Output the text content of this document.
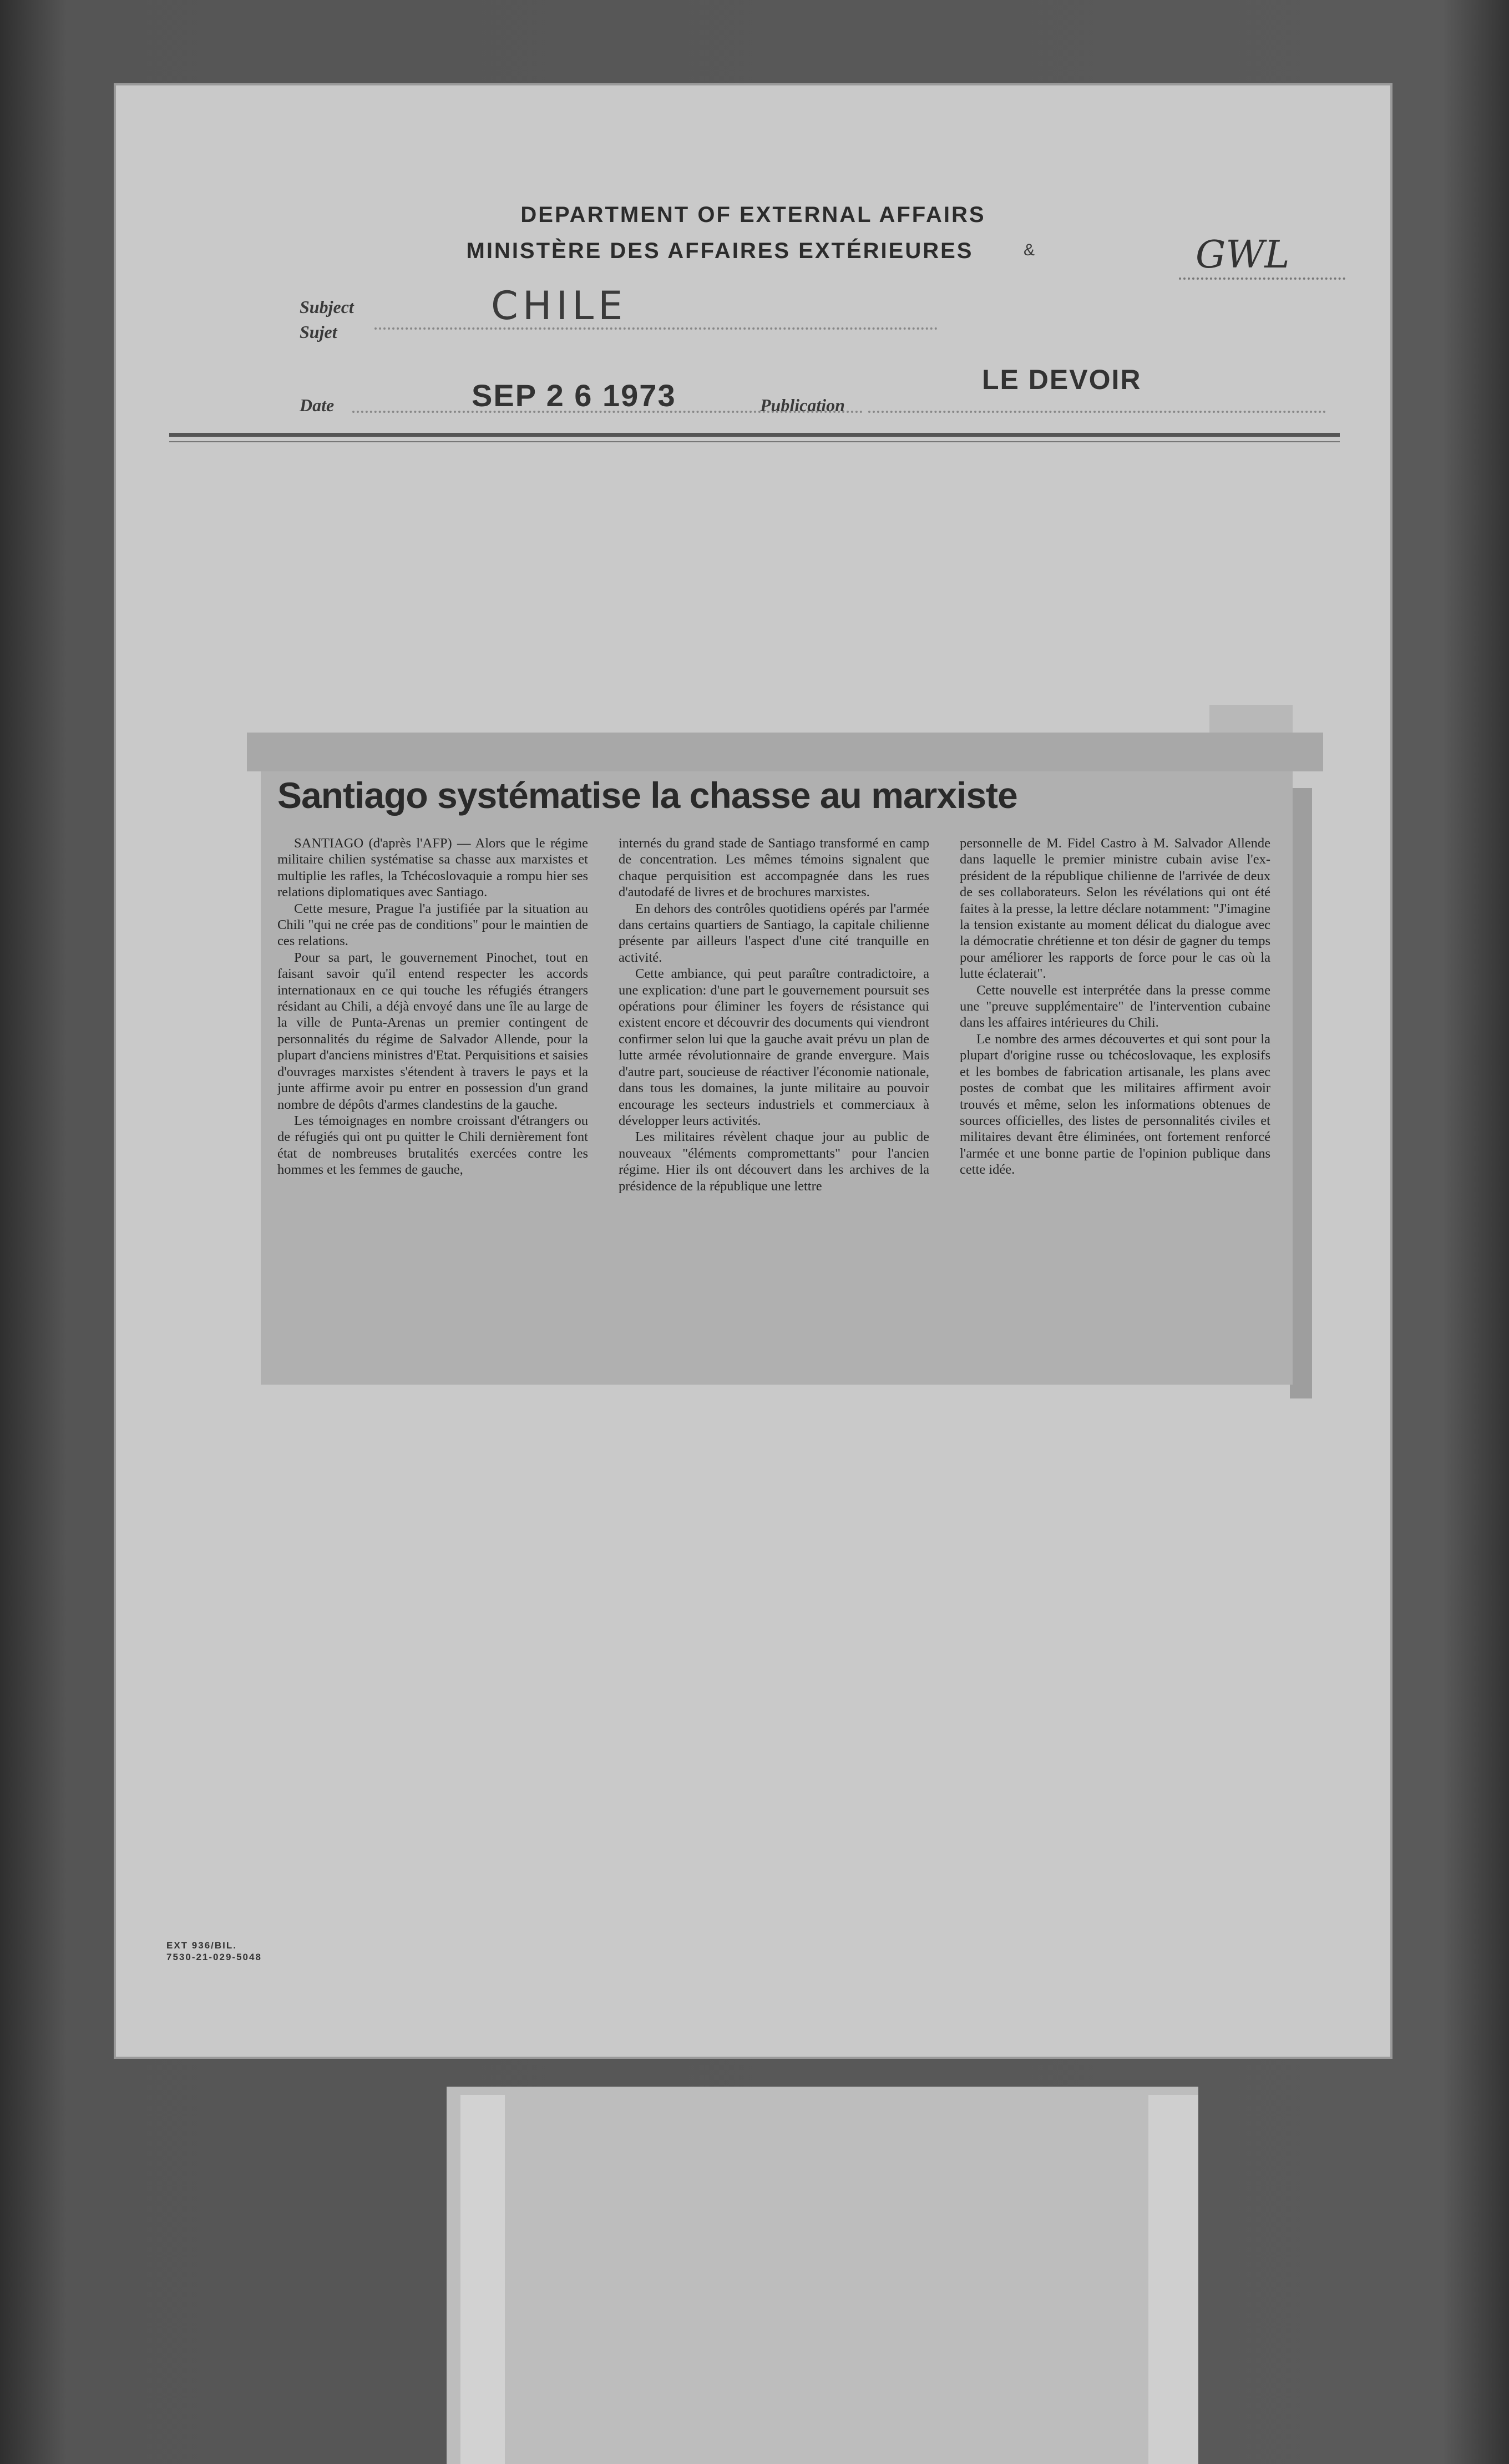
DEPARTMENT OF EXTERNAL AFFAIRS
MINISTÈRE DES AFFAIRES EXTÉRIEURES	&	GWL
Subject
Sujet
CHILE
Date	SEP 2 6 1973	Publication
LE DEVOIR
Santiago systématise la chasse au marxiste

SANTIAGO (d'après l'AFP) — Alors que le régime militaire chilien systématise sa chasse aux marxistes et multiplie les rafles, la Tchécoslovaquie a rompu hier ses relations diplomatiques avec Santiago.

Cette mesure, Prague l'a justifiée par la situation au Chili "qui ne crée pas de conditions" pour le maintien de ces relations.

Pour sa part, le gouvernement Pinochet, tout en faisant savoir qu'il entend respecter les accords internationaux en ce qui touche les réfugiés étrangers résidant au Chili, a déjà envoyé dans une île au large de la ville de Punta-Arenas un premier contingent de personnalités du régime de Salvador Allende, pour la plupart d'anciens ministres d'Etat. Perquisitions et saisies d'ouvrages marxistes s'étendent à travers le pays et la junte affirme avoir pu entrer en possession d'un grand nombre de dépôts d'armes clandestins de la gauche.

Les témoignages en nombre croissant d'étrangers ou de réfugiés qui ont pu quitter le Chili dernièrement font état de nombreuses brutalités exercées contre les hommes et les femmes de gauche,

internés du grand stade de Santiago transformé en camp de concentration. Les mêmes témoins signalent que chaque perquisition est accompagnée dans les rues d'autodafé de livres et de brochures marxistes.

En dehors des contrôles quotidiens opérés par l'armée dans certains quartiers de Santiago, la capitale chilienne présente par ailleurs l'aspect d'une cité tranquille en activité.

Cette ambiance, qui peut paraître contradictoire, a une explication: d'une part le gouvernement poursuit ses opérations pour éliminer les foyers de résistance qui existent encore et découvrir des documents qui viendront confirmer selon lui que la gauche avait prévu un plan de lutte armée révolutionnaire de grande envergure. Mais d'autre part, soucieuse de réactiver l'économie nationale, dans tous les domaines, la junte militaire au pouvoir encourage les secteurs industriels et commerciaux à développer leurs activités.

Les militaires révèlent chaque jour au public de nouveaux "éléments compromettants" pour l'ancien régime. Hier ils ont découvert dans les archives de la présidence de la république une lettre

personnelle de M. Fidel Castro à M. Salvador Allende dans laquelle le premier ministre cubain avise l'ex-président de la république chilienne de l'arrivée de deux de ses collaborateurs. Selon les révélations qui ont été faites à la presse, la lettre déclare notamment: "J'imagine la tension existante au moment délicat du dialogue avec la démocratie chrétienne et ton désir de gagner du temps pour améliorer les rapports de force pour le cas où la lutte éclaterait".

Cette nouvelle est interprétée dans la presse comme une "preuve supplémentaire" de l'intervention cubaine dans les affaires intérieures du Chili.

Le nombre des armes découvertes et qui sont pour la plupart d'origine russe ou tchécoslovaque, les explosifs et les bombes de fabrication artisanale, les plans avec postes de combat que les militaires affirment avoir trouvés et même, selon les informations obtenues de sources officielles, des listes de personnalités civiles et militaires devant être éliminées, ont fortement renforcé l'armée et une bonne partie de l'opinion publique dans cette idée.

EXT 936/BIL.
7530-21-029-5048
